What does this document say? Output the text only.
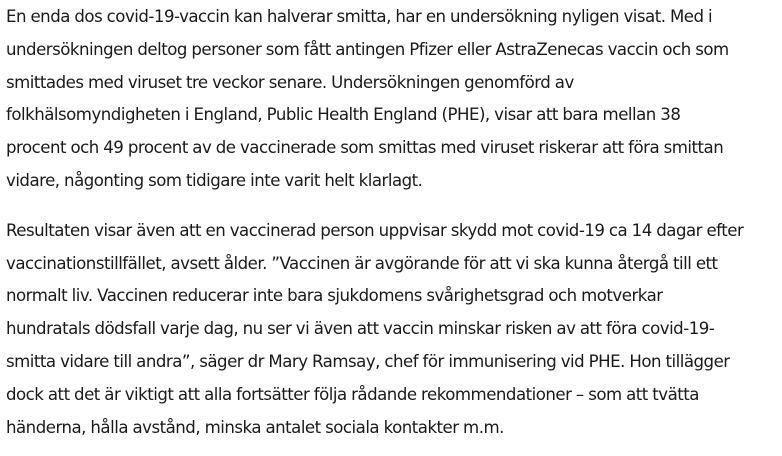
En enda dos covid-19-vaccin kan halverar smitta, har en undersökning nyligen visat. Med i
undersökningen deltog personer som fått antingen Pfizer eller AstraZenecas vaccin och som
smittades med viruset tre veckor senare. Undersökningen genomförd av
folkhälsomyndigheten i England, Public Health England (PHE), visar att bara mellan 38
procent och 49 procent av de vaccinerade som smittas med viruset riskerar att föra smittan
vidare, någonting som tidigare inte varit helt klarlagt.
Resultaten visar även att en vaccinerad person uppvisar skydd mot covid-19 ca 14 dagar efter
vaccinationstillfället, avsett ålder. ”Vaccinen är avgörande för att vi ska kunna återgå till ett
normalt liv. Vaccinen reducerar inte bara sjukdomens svårighetsgrad och motverkar
hundratals dödsfall varje dag, nu ser vi även att vaccin minskar risken av att föra covid-19-
smitta vidare till andra”, säger dr Mary Ramsay, chef för immunisering vid PHE. Hon tillägger
dock att det är viktigt att alla fortsätter följa rådande rekommendationer – som att tvätta
händerna, hålla avstånd, minska antalet sociala kontakter m.m.
